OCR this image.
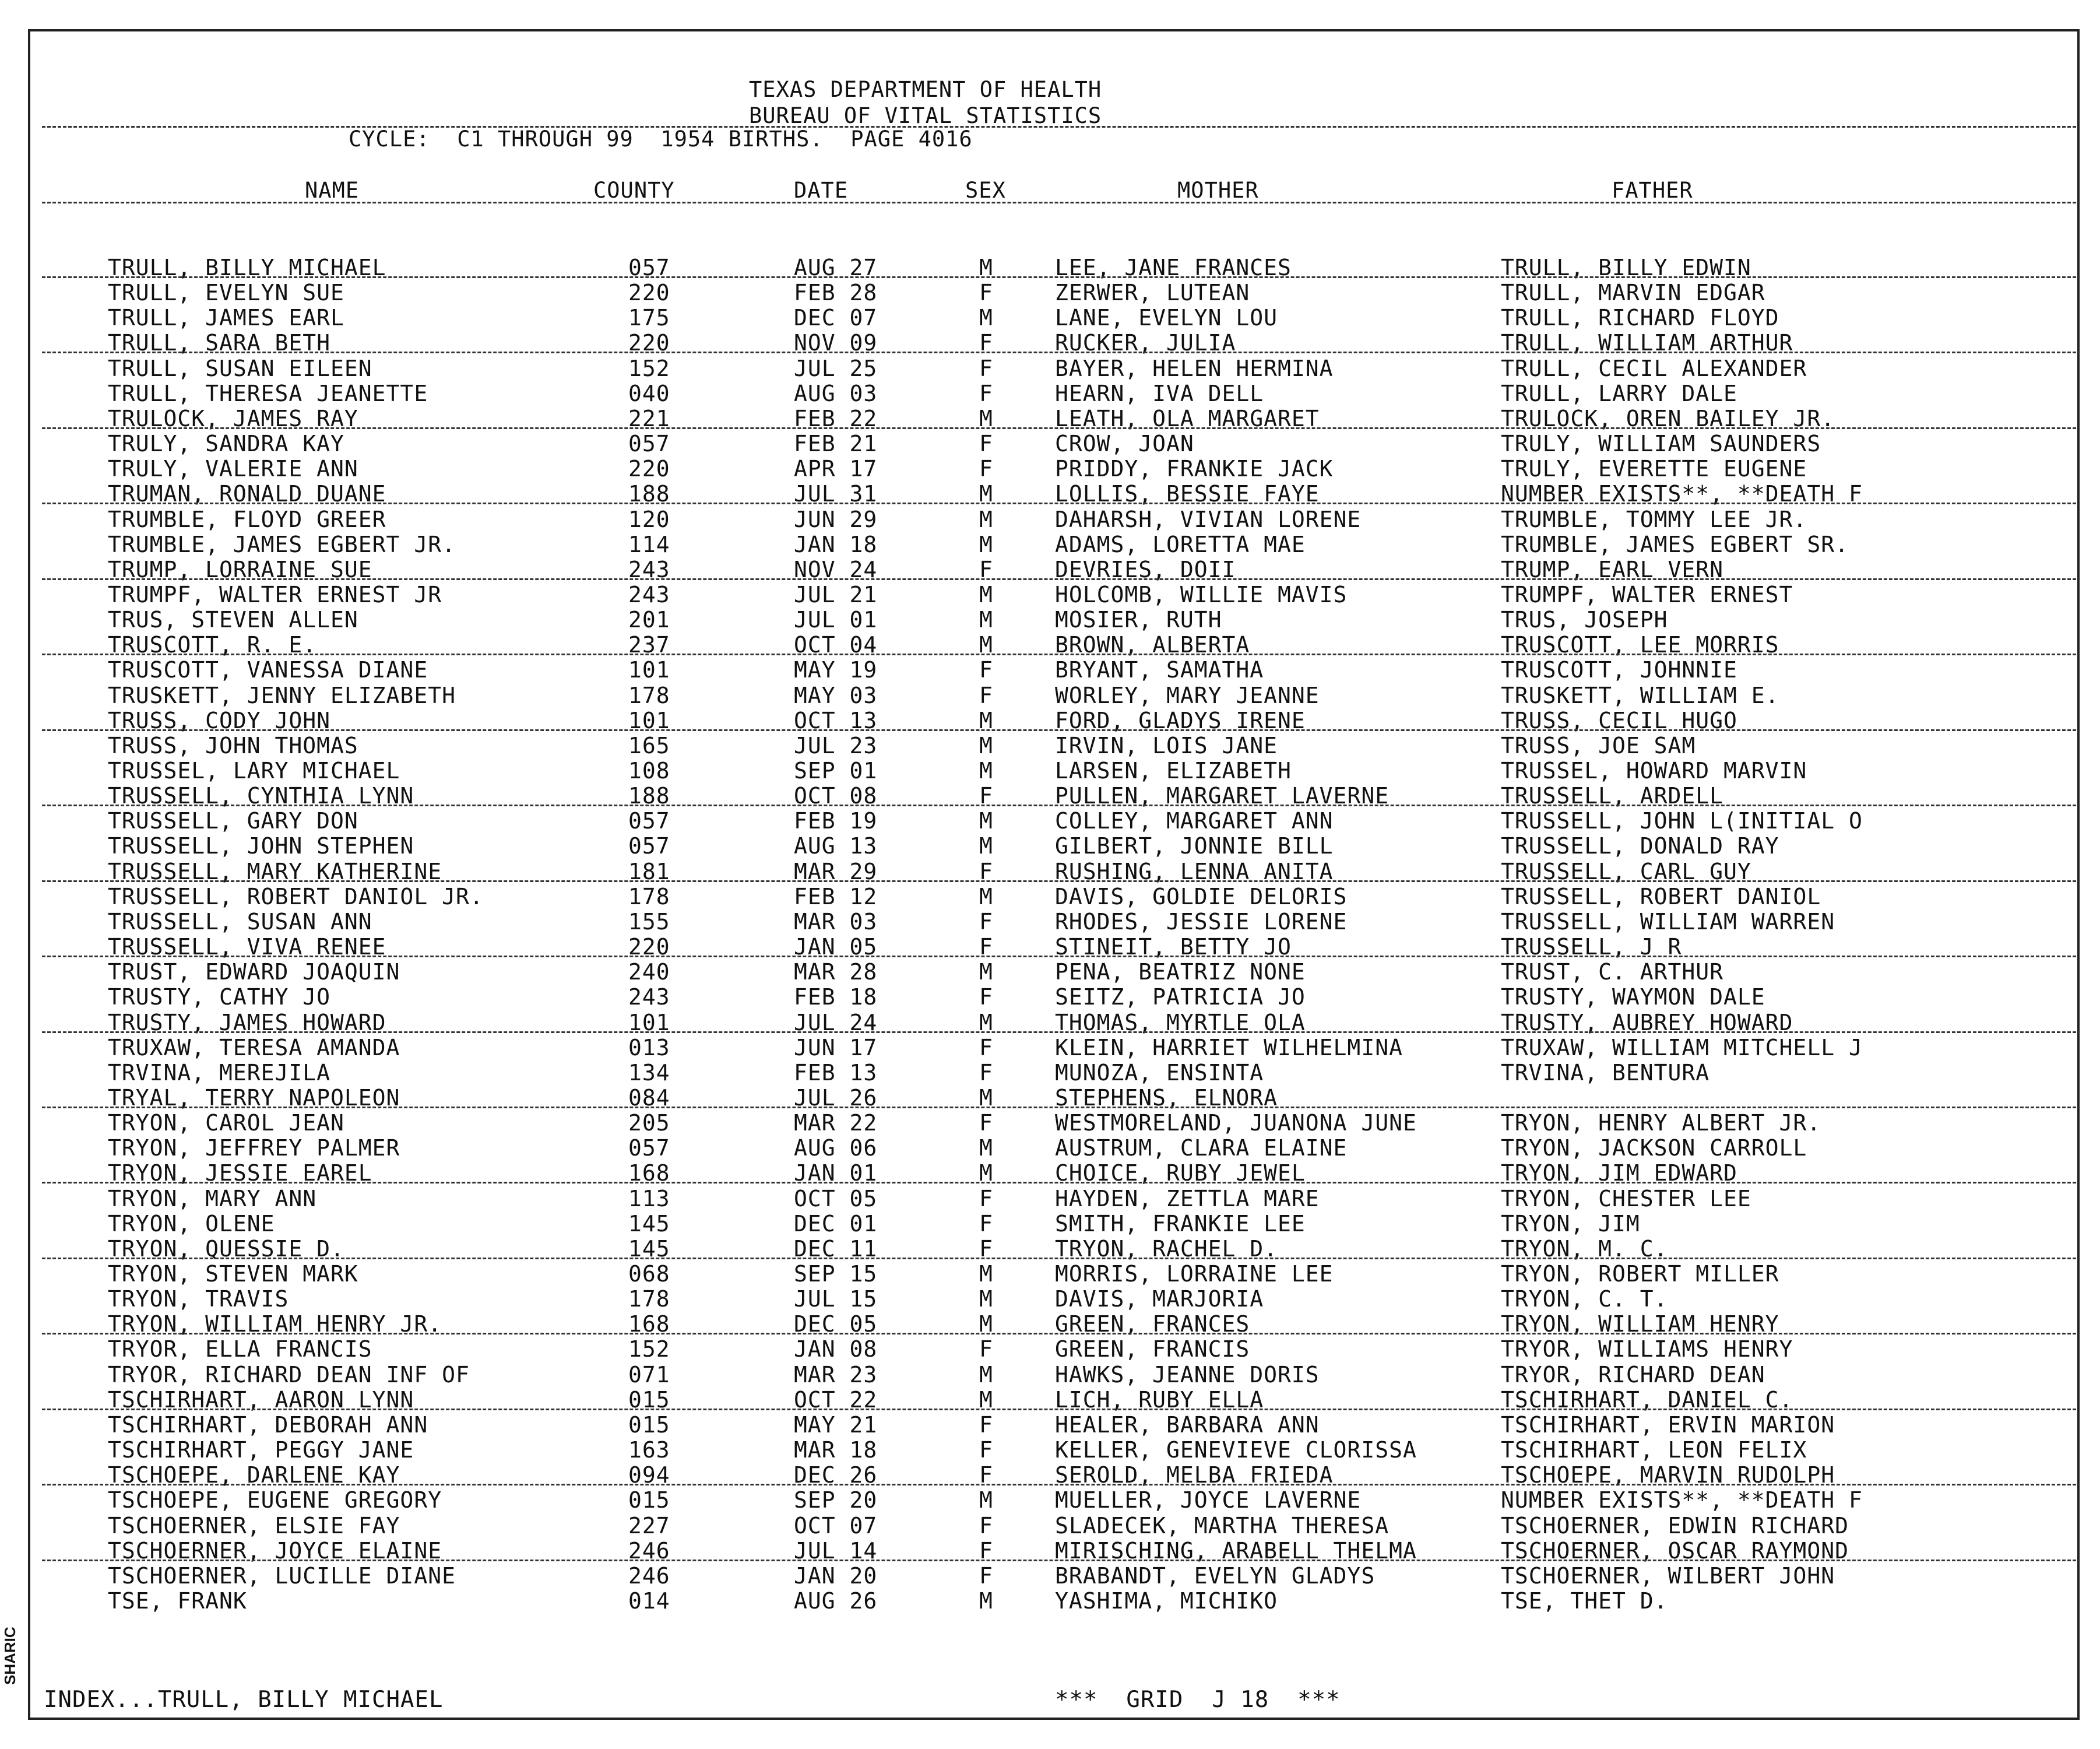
TEXAS DEPARTMENT OF HEALTH
BUREAU OF VITAL STATISTICS
CYCLE:  C1 THROUGH 99  1954 BIRTHS.  PAGE 4016
NAME	COUNTY	DATE	SEX	MOTHER	FATHER
TRULL, BILLY MICHAEL	057	AUG 27	M	LEE, JANE FRANCES	TRULL, BILLY EDWIN
TRULL, EVELYN SUE	220	FEB 28	F	ZERWER, LUTEAN	TRULL, MARVIN EDGAR
TRULL, JAMES EARL	175	DEC 07	M	LANE, EVELYN LOU	TRULL, RICHARD FLOYD
TRULL, SARA BETH	220	NOV 09	F	RUCKER, JULIA	TRULL, WILLIAM ARTHUR
TRULL, SUSAN EILEEN	152	JUL 25	F	BAYER, HELEN HERMINA	TRULL, CECIL ALEXANDER
TRULL, THERESA JEANETTE	040	AUG 03	F	HEARN, IVA DELL	TRULL, LARRY DALE
TRULOCK, JAMES RAY	221	FEB 22	M	LEATH, OLA MARGARET	TRULOCK, OREN BAILEY JR.
TRULY, SANDRA KAY	057	FEB 21	F	CROW, JOAN	TRULY, WILLIAM SAUNDERS
TRULY, VALERIE ANN	220	APR 17	F	PRIDDY, FRANKIE JACK	TRULY, EVERETTE EUGENE
TRUMAN, RONALD DUANE	188	JUL 31	M	LOLLIS, BESSIE FAYE	NUMBER EXISTS**, **DEATH F
TRUMBLE, FLOYD GREER	120	JUN 29	M	DAHARSH, VIVIAN LORENE	TRUMBLE, TOMMY LEE JR.
TRUMBLE, JAMES EGBERT JR.	114	JAN 18	M	ADAMS, LORETTA MAE	TRUMBLE, JAMES EGBERT SR.
TRUMP, LORRAINE SUE	243	NOV 24	F	DEVRIES, DOII	TRUMP, EARL VERN
TRUMPF, WALTER ERNEST JR	243	JUL 21	M	HOLCOMB, WILLIE MAVIS	TRUMPF, WALTER ERNEST
TRUS, STEVEN ALLEN	201	JUL 01	M	MOSIER, RUTH	TRUS, JOSEPH
TRUSCOTT, R. E.	237	OCT 04	M	BROWN, ALBERTA	TRUSCOTT, LEE MORRIS
TRUSCOTT, VANESSA DIANE	101	MAY 19	F	BRYANT, SAMATHA	TRUSCOTT, JOHNNIE
TRUSKETT, JENNY ELIZABETH	178	MAY 03	F	WORLEY, MARY JEANNE	TRUSKETT, WILLIAM E.
TRUSS, CODY JOHN	101	OCT 13	M	FORD, GLADYS IRENE	TRUSS, CECIL HUGO
TRUSS, JOHN THOMAS	165	JUL 23	M	IRVIN, LOIS JANE	TRUSS, JOE SAM
TRUSSEL, LARY MICHAEL	108	SEP 01	M	LARSEN, ELIZABETH	TRUSSEL, HOWARD MARVIN
TRUSSELL, CYNTHIA LYNN	188	OCT 08	F	PULLEN, MARGARET LAVERNE	TRUSSELL, ARDELL
TRUSSELL, GARY DON	057	FEB 19	M	COLLEY, MARGARET ANN	TRUSSELL, JOHN L(INITIAL O
TRUSSELL, JOHN STEPHEN	057	AUG 13	M	GILBERT, JONNIE BILL	TRUSSELL, DONALD RAY
TRUSSELL, MARY KATHERINE	181	MAR 29	F	RUSHING, LENNA ANITA	TRUSSELL, CARL GUY
TRUSSELL, ROBERT DANIOL JR.	178	FEB 12	M	DAVIS, GOLDIE DELORIS	TRUSSELL, ROBERT DANIOL
TRUSSELL, SUSAN ANN	155	MAR 03	F	RHODES, JESSIE LORENE	TRUSSELL, WILLIAM WARREN
TRUSSELL, VIVA RENEE	220	JAN 05	F	STINEIT, BETTY JO	TRUSSELL, J R
TRUST, EDWARD JOAQUIN	240	MAR 28	M	PENA, BEATRIZ NONE	TRUST, C. ARTHUR
TRUSTY, CATHY JO	243	FEB 18	F	SEITZ, PATRICIA JO	TRUSTY, WAYMON DALE
TRUSTY, JAMES HOWARD	101	JUL 24	M	THOMAS, MYRTLE OLA	TRUSTY, AUBREY HOWARD
TRUXAW, TERESA AMANDA	013	JUN 17	F	KLEIN, HARRIET WILHELMINA	TRUXAW, WILLIAM MITCHELL J
TRVINA, MEREJILA	134	FEB 13	F	MUNOZA, ENSINTA	TRVINA, BENTURA
TRYAL, TERRY NAPOLEON	084	JUL 26	M	STEPHENS, ELNORA
TRYON, CAROL JEAN	205	MAR 22	F	WESTMORELAND, JUANONA JUNE	TRYON, HENRY ALBERT JR.
TRYON, JEFFREY PALMER	057	AUG 06	M	AUSTRUM, CLARA ELAINE	TRYON, JACKSON CARROLL
TRYON, JESSIE EAREL	168	JAN 01	M	CHOICE, RUBY JEWEL	TRYON, JIM EDWARD
TRYON, MARY ANN	113	OCT 05	F	HAYDEN, ZETTLA MARE	TRYON, CHESTER LEE
TRYON, OLENE	145	DEC 01	F	SMITH, FRANKIE LEE	TRYON, JIM
TRYON, QUESSIE D.	145	DEC 11	F	TRYON, RACHEL D.	TRYON, M. C.
TRYON, STEVEN MARK	068	SEP 15	M	MORRIS, LORRAINE LEE	TRYON, ROBERT MILLER
TRYON, TRAVIS	178	JUL 15	M	DAVIS, MARJORIA	TRYON, C. T.
TRYON, WILLIAM HENRY JR.	168	DEC 05	M	GREEN, FRANCES	TRYON, WILLIAM HENRY
TRYOR, ELLA FRANCIS	152	JAN 08	F	GREEN, FRANCIS	TRYOR, WILLIAMS HENRY
TRYOR, RICHARD DEAN INF OF	071	MAR 23	M	HAWKS, JEANNE DORIS	TRYOR, RICHARD DEAN
TSCHIRHART, AARON LYNN	015	OCT 22	M	LICH, RUBY ELLA	TSCHIRHART, DANIEL C.
TSCHIRHART, DEBORAH ANN	015	MAY 21	F	HEALER, BARBARA ANN	TSCHIRHART, ERVIN MARION
TSCHIRHART, PEGGY JANE	163	MAR 18	F	KELLER, GENEVIEVE CLORISSA	TSCHIRHART, LEON FELIX
TSCHOEPE, DARLENE KAY	094	DEC 26	F	SEROLD, MELBA FRIEDA	TSCHOEPE, MARVIN RUDOLPH
TSCHOEPE, EUGENE GREGORY	015	SEP 20	M	MUELLER, JOYCE LAVERNE	NUMBER EXISTS**, **DEATH F
TSCHOERNER, ELSIE FAY	227	OCT 07	F	SLADECEK, MARTHA THERESA	TSCHOERNER, EDWIN RICHARD
TSCHOERNER, JOYCE ELAINE	246	JUL 14	F	MIRISCHING, ARABELL THELMA	TSCHOERNER, OSCAR RAYMOND
TSCHOERNER, LUCILLE DIANE	246	JAN 20	F	BRABANDT, EVELYN GLADYS	TSCHOERNER, WILBERT JOHN
TSE, FRANK	014	AUG 26	M	YASHIMA, MICHIKO	TSE, THET D.
INDEX...TRULL, BILLY MICHAEL	***  GRID  J 18  ***
SHARIC
